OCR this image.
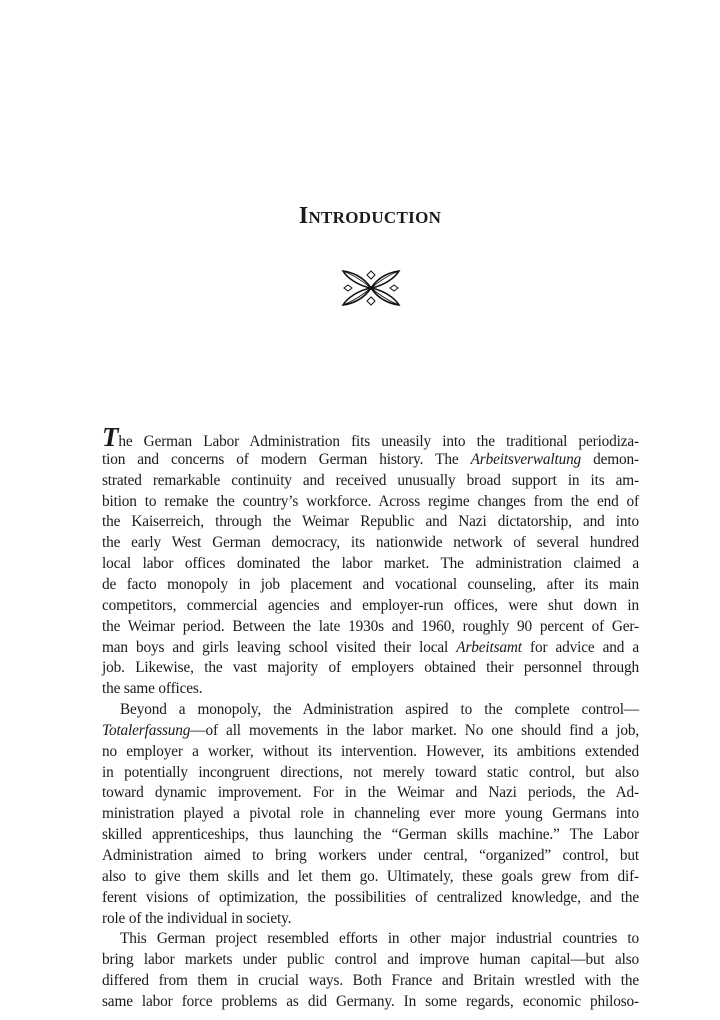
Introduction
The German Labor Administration fits uneasily into the traditional periodiza-
tion and concerns of modern German history. The Arbeitsverwaltung demon-
strated remarkable continuity and received unusually broad support in its am-
bition to remake the country’s workforce. Across regime changes from the end of
the Kaiserreich, through the Weimar Republic and Nazi dictatorship, and into
the early West German democracy, its nationwide network of several hundred
local labor offices dominated the labor market. The administration claimed a
de facto monopoly in job placement and vocational counseling, after its main
competitors, commercial agencies and employer-run offices, were shut down in
the Weimar period. Between the late 1930s and 1960, roughly 90 percent of Ger-
man boys and girls leaving school visited their local Arbeitsamt for advice and a
job. Likewise, the vast majority of employers obtained their personnel through
the same offices.
Beyond a monopoly, the Administration aspired to the complete control—
Totalerfassung—of all movements in the labor market. No one should find a job,
no employer a worker, without its intervention. However, its ambitions extended
in potentially incongruent directions, not merely toward static control, but also
toward dynamic improvement. For in the Weimar and Nazi periods, the Ad-
ministration played a pivotal role in channeling ever more young Germans into
skilled apprenticeships, thus launching the “German skills machine.” The Labor
Administration aimed to bring workers under central, “organized” control, but
also to give them skills and let them go. Ultimately, these goals grew from dif-
ferent visions of optimization, the possibilities of centralized knowledge, and the
role of the individual in society.
This German project resembled efforts in other major industrial countries to
bring labor markets under public control and improve human capital—but also
differed from them in crucial ways. Both France and Britain wrestled with the
same labor force problems as did Germany. In some regards, economic philoso-
